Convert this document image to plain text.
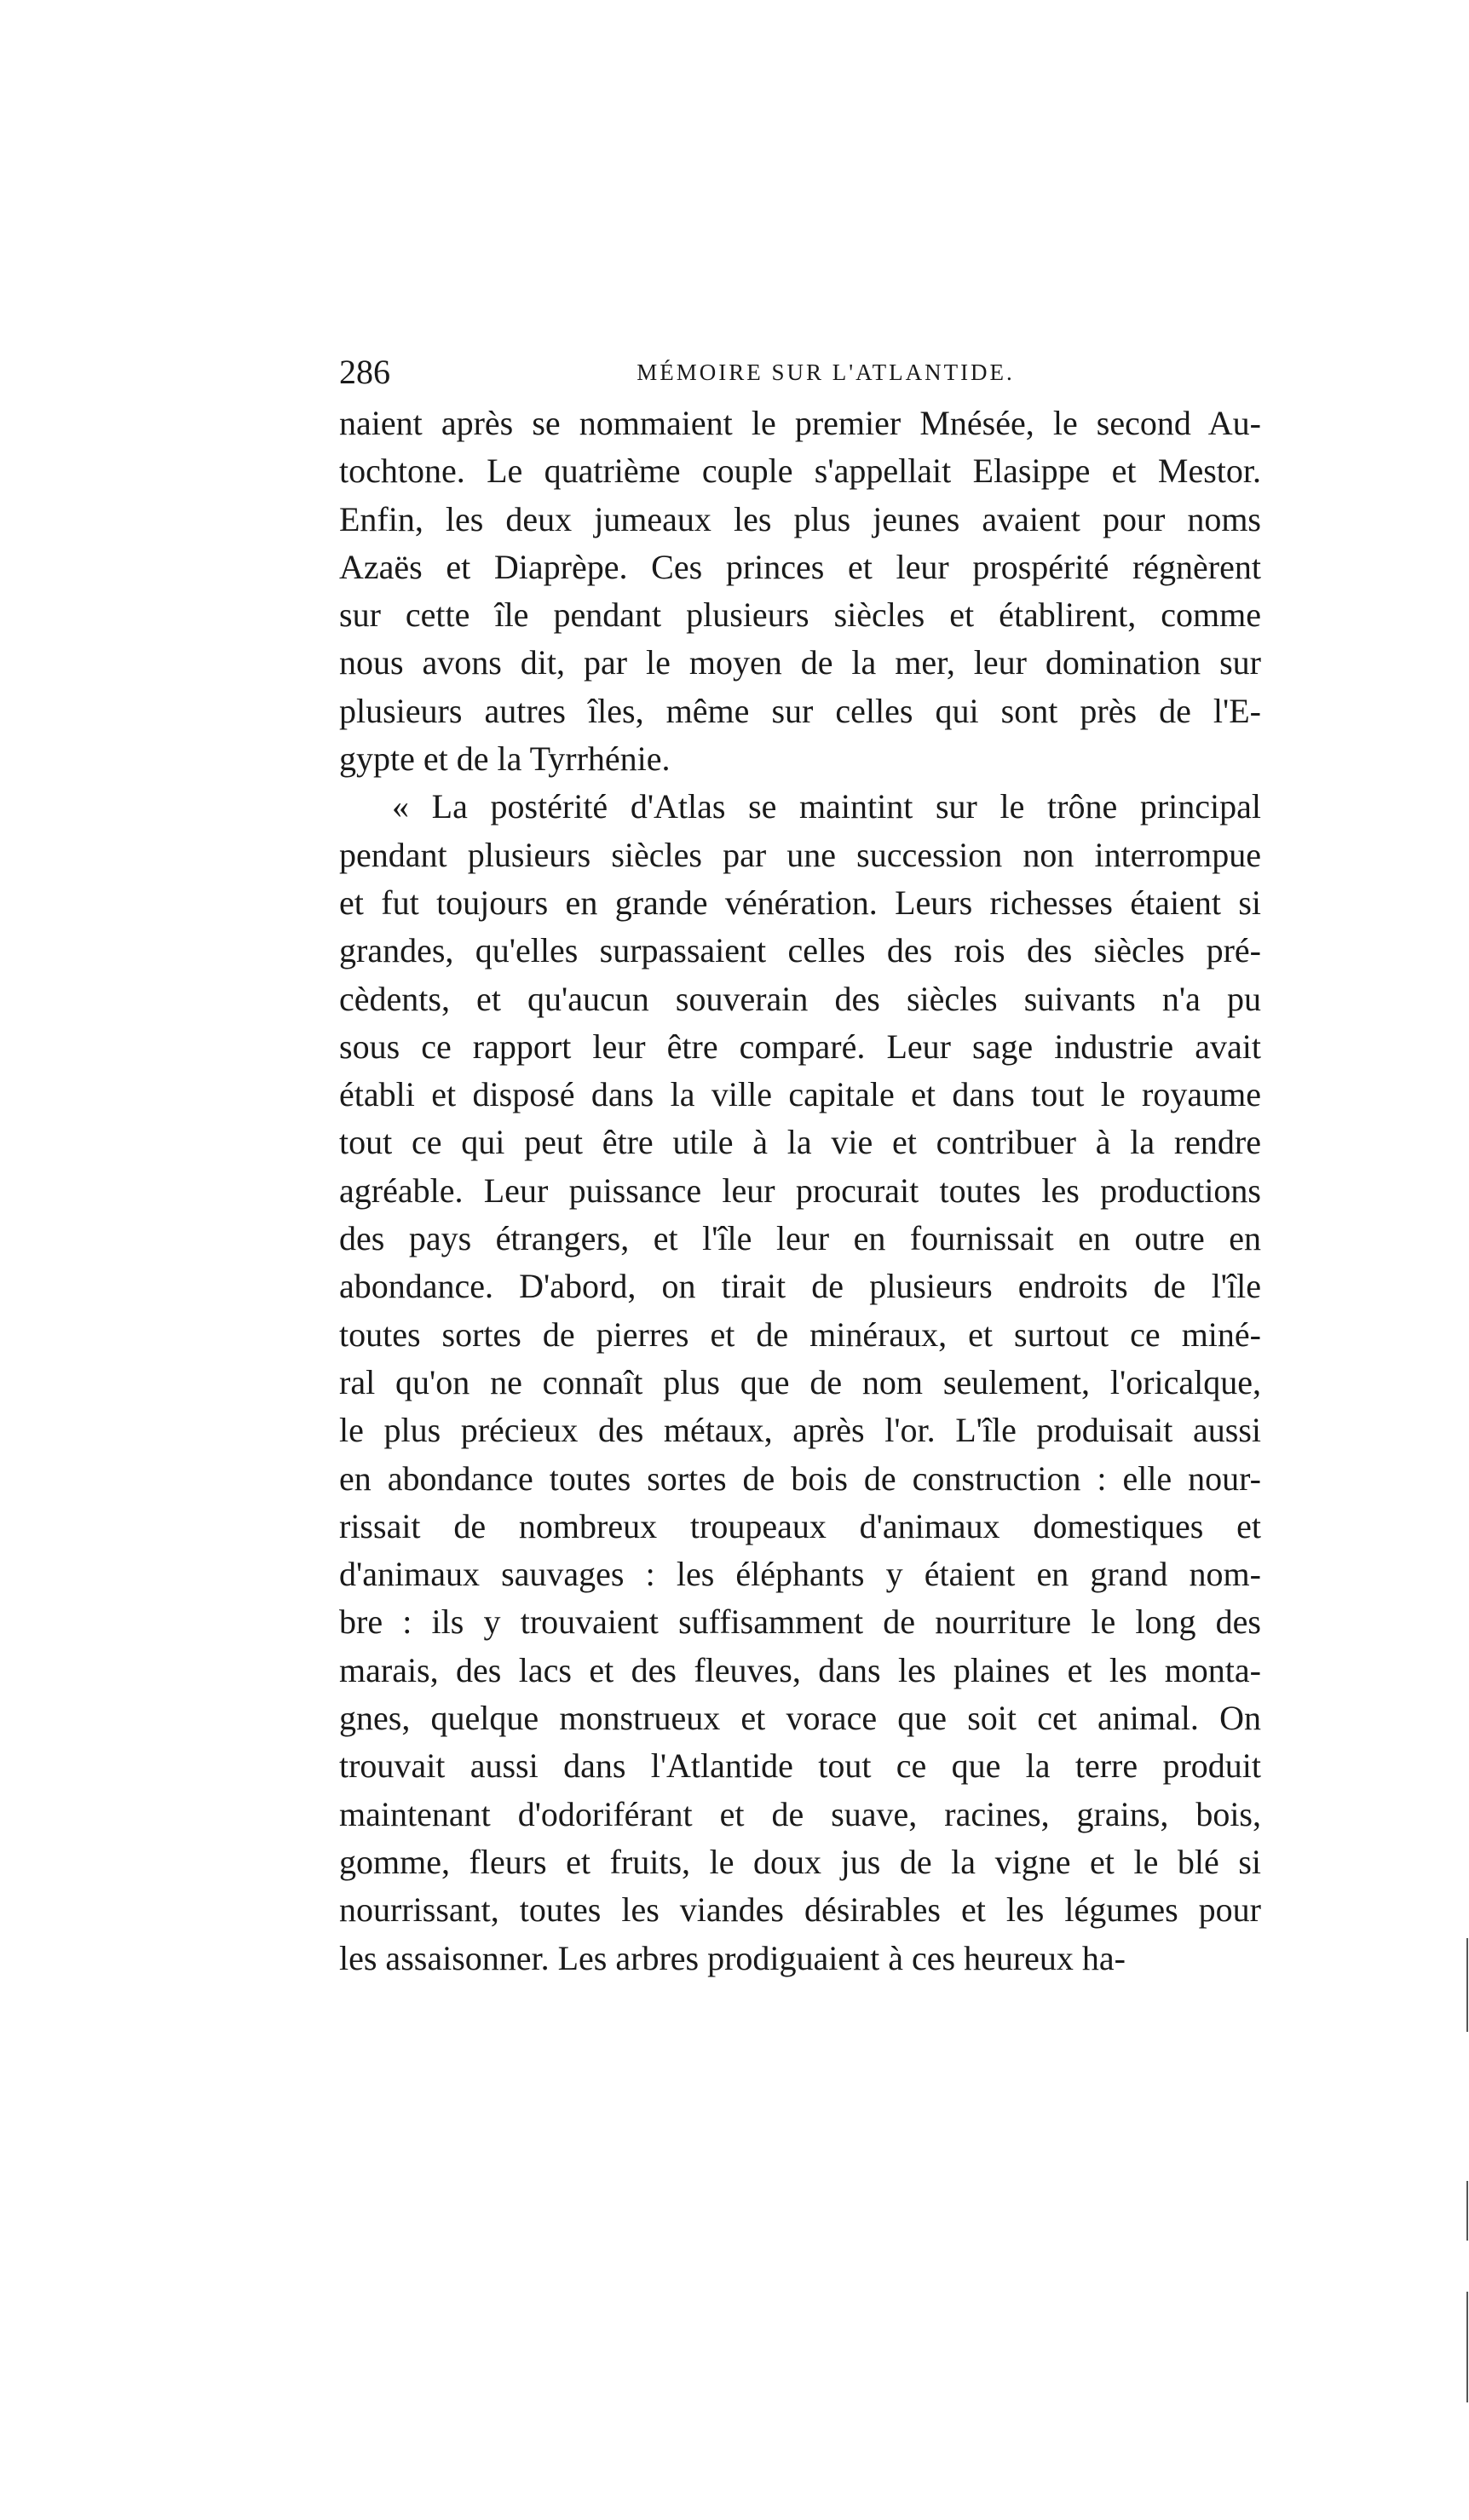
286	MÉMOIRE SUR L'ATLANTIDE.
naient après se nommaient le premier Mnésée, le second Au-
tochtone. Le quatrième couple s'appellait Elasippe et Mestor.
Enfin, les deux jumeaux les plus jeunes avaient pour noms
Azaës et Diaprèpe. Ces princes et leur prospérité régnèrent
sur cette île pendant plusieurs siècles et établirent, comme
nous avons dit, par le moyen de la mer, leur domination sur
plusieurs autres îles, même sur celles qui sont près de l'E-
gypte et de la Tyrrhénie.
« La postérité d'Atlas se maintint sur le trône principal
pendant plusieurs siècles par une succession non interrompue
et fut toujours en grande vénération. Leurs richesses étaient si
grandes, qu'elles surpassaient celles des rois des siècles pré-
cèdents, et qu'aucun souverain des siècles suivants n'a pu
sous ce rapport leur être comparé. Leur sage industrie avait
établi et disposé dans la ville capitale et dans tout le royaume
tout ce qui peut être utile à la vie et contribuer à la rendre
agréable. Leur puissance leur procurait toutes les productions
des pays étrangers, et l'île leur en fournissait en outre en
abondance. D'abord, on tirait de plusieurs endroits de l'île
toutes sortes de pierres et de minéraux, et surtout ce miné-
ral qu'on ne connaît plus que de nom seulement, l'oricalque,
le plus précieux des métaux, après l'or. L'île produisait aussi
en abondance toutes sortes de bois de construction : elle nour-
rissait de nombreux troupeaux d'animaux domestiques et
d'animaux sauvages : les éléphants y étaient en grand nom-
bre : ils y trouvaient suffisamment de nourriture le long des
marais, des lacs et des fleuves, dans les plaines et les monta-
gnes, quelque monstrueux et vorace que soit cet animal. On
trouvait aussi dans l'Atlantide tout ce que la terre produit
maintenant d'odoriférant et de suave, racines, grains, bois,
gomme, fleurs et fruits, le doux jus de la vigne et le blé si
nourrissant, toutes les viandes désirables et les légumes pour
les assaisonner. Les arbres prodiguaient à ces heureux ha-
